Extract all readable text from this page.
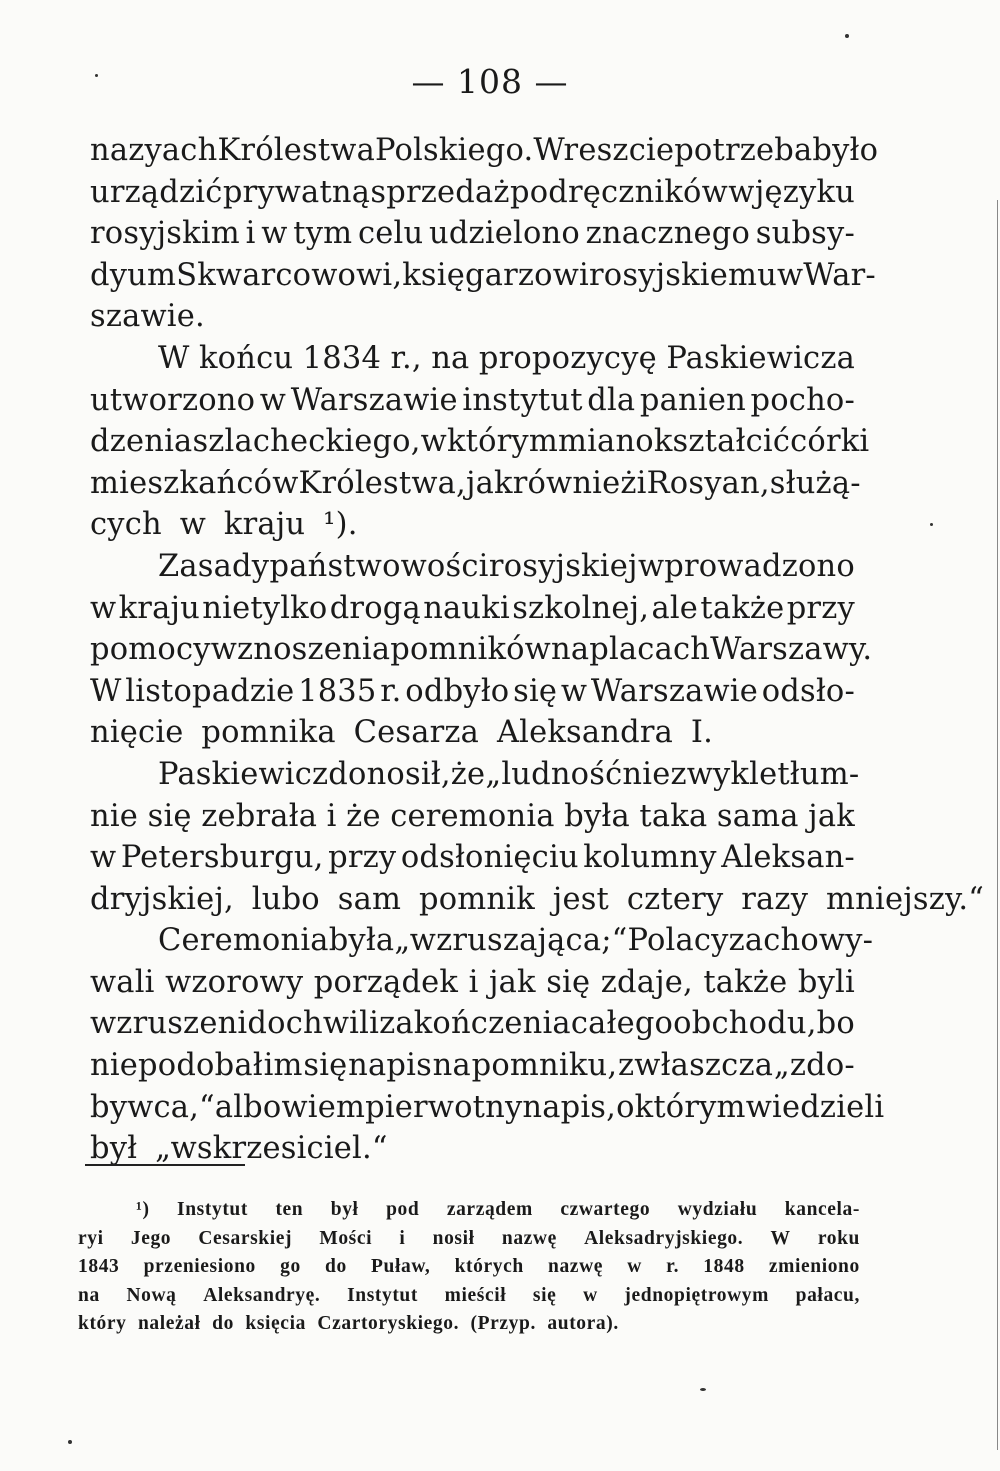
— 108 —
nazyach Królestwa Polskiego. Wreszcie potrzeba było
urządzić prywatną sprzedaż podręczników w języku
rosyjskim i w tym celu udzielono znacznego subsy-
dyum Skwarcowowi, księgarzowi rosyjskiemu w War-
szawie.
W końcu 1834 r., na propozycyę Paskiewicza
utworzono w Warszawie instytut dla panien pocho-
dzenia szlacheckiego, w którym miano kształcić córki
mieszkańców Królestwa, jak również i Rosyan, służą-
cych w kraju ¹).
Zasady państwowości rosyjskiej wprowadzono
w kraju nietylko drogą nauki szkolnej, ale także przy
pomocy wznoszenia pomników na placach Warszawy.
W listopadzie 1835 r. odbyło się w Warszawie odsło-
nięcie pomnika Cesarza Aleksandra I.
Paskiewicz donosił, że „ludność niezwykle tłum-
nie się zebrała i że ceremonia była taka sama jak
w Petersburgu, przy odsłonięciu kolumny Aleksan-
dryjskiej, lubo sam pomnik jest cztery razy mniejszy.“
Ceremonia była „wzruszająca;“ Polacy zachowy-
wali wzorowy porządek i jak się zdaje, także byli
wzruszeni do chwili zakończenia całego obchodu, bo
niepodobał im się napis na pomniku, zwłaszcza „zdo-
bywca,“ albowiem pierwotny napis, o którym wiedzieli
był „wskrzesiciel.“
¹) Instytut ten był pod zarządem czwartego wydziału kancela-
ryi Jego Cesarskiej Mości i nosił nazwę Aleksadryjskiego. W roku
1843 przeniesiono go do Puław, których nazwę w r. 1848 zmieniono
na Nową Aleksandryę. Instytut mieścił się w jednopiętrowym pałacu,
który należał do księcia Czartoryskiego. (Przyp. autora).
